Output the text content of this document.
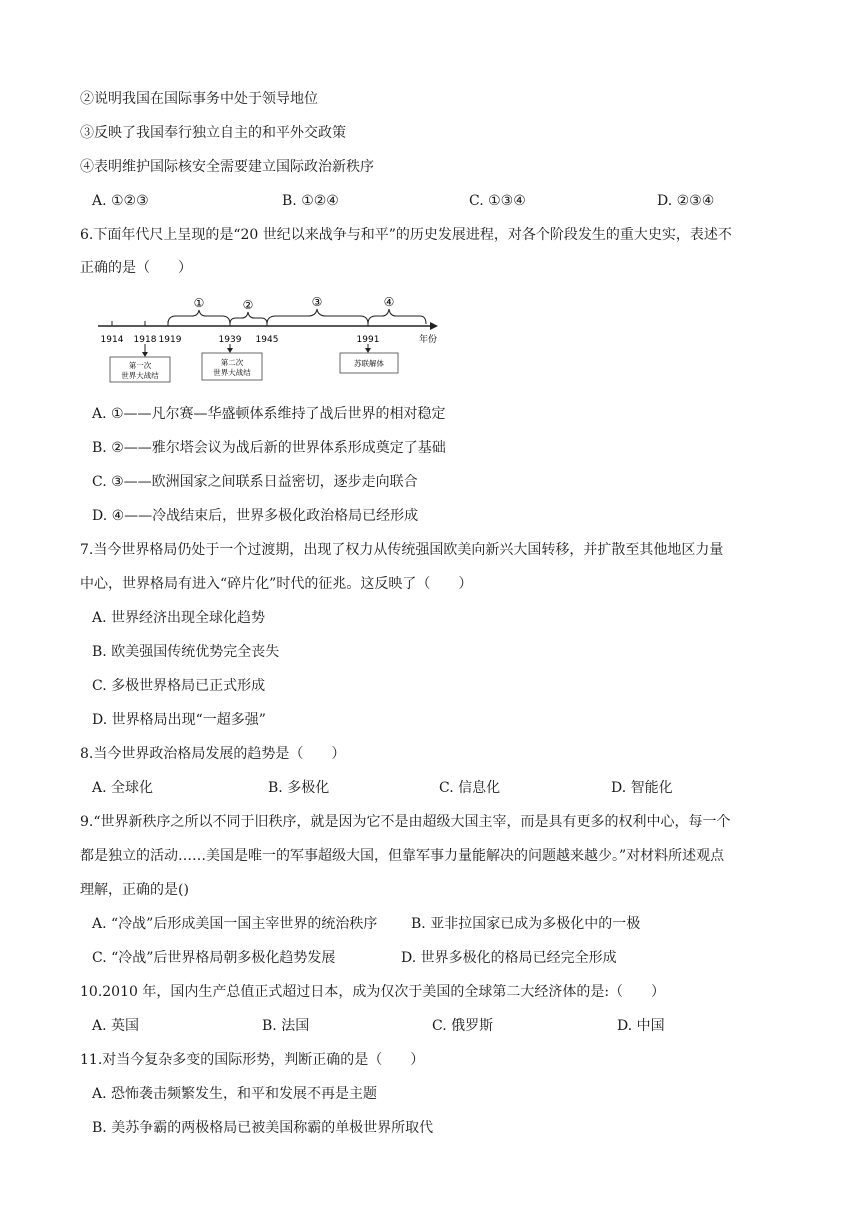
②说明我国在国际事务中处于领导地位
③反映了我国奉行独立自主的和平外交政策
④表明维护国际核安全需要建立国际政治新秩序
A. ①②③	B. ①②④	C. ①③④	D. ②③④
6.下面年代尺上呈现的是“20 世纪以来战争与和平”的历史发展进程，对各个阶段发生的重大史实，表述不
正确的是（　　）
①	②	③	④
1914 1918 1919	1939 1945	1991	年份
第一次
世界大战结
第二次
世界大战结
苏联解体
A. ①——凡尔赛—华盛顿体系维持了战后世界的相对稳定
B. ②——雅尔塔会议为战后新的世界体系形成奠定了基础
C. ③——欧洲国家之间联系日益密切，逐步走向联合
D. ④——冷战结束后，世界多极化政治格局已经形成
7.当今世界格局仍处于一个过渡期，出现了权力从传统强国欧美向新兴大国转移，并扩散至其他地区力量
中心，世界格局有进入“碎片化”时代的征兆。这反映了（　　）
A. 世界经济出现全球化趋势
B. 欧美强国传统优势完全丧失
C. 多极世界格局已正式形成
D. 世界格局出现“一超多强”
8.当今世界政治格局发展的趋势是（　　）
A. 全球化	B. 多极化	C. 信息化	D. 智能化
9.“世界新秩序之所以不同于旧秩序，就是因为它不是由超级大国主宰，而是具有更多的权利中心，每一个
都是独立的活动……美国是唯一的军事超级大国，但靠军事力量能解决的问题越来越少。”对材料所述观点
理解，正确的是()
A. “冷战”后形成美国一国主宰世界的统治秩序 B. 亚非拉国家已成为多极化中的一极
C. “冷战”后世界格局朝多极化趋势发展	D. 世界多极化的格局已经完全形成
10.2010 年，国内生产总值正式超过日本，成为仅次于美国的全球第二大经济体的是:（　　）
A. 英国	B. 法国	C. 俄罗斯	D. 中国
11.对当今复杂多变的国际形势，判断正确的是（　　）
A. 恐怖袭击频繁发生，和平和发展不再是主题
B. 美苏争霸的两极格局已被美国称霸的单极世界所取代
